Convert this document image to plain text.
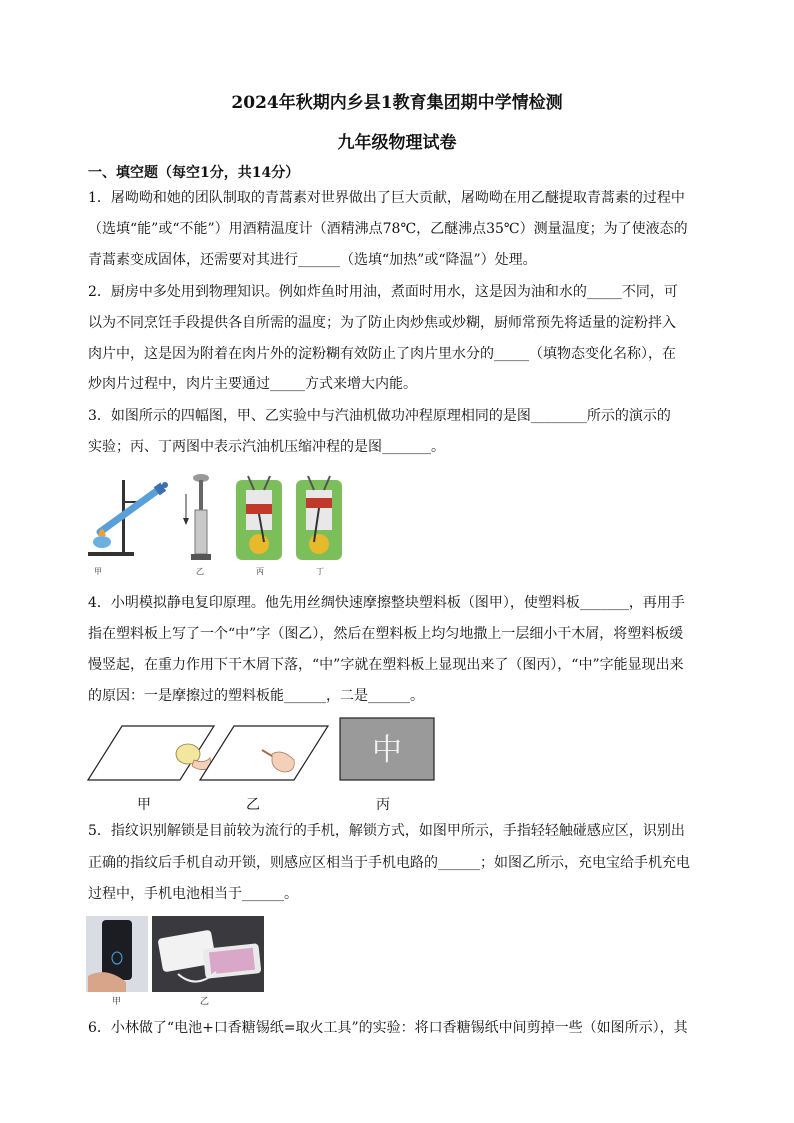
2024年秋期内乡县1教育集团期中学情检测
九年级物理试卷
一、填空题（每空1分，共14分）
1．屠呦呦和她的团队制取的青蒿素对世界做出了巨大贡献，屠呦呦在用乙醚提取青蒿素的过程中
（选填“能”或“不能”）用酒精温度计（酒精沸点78℃，乙醚沸点35℃）测量温度；为了使液态的
青蒿素变成固体，还需要对其进行______（选填“加热”或“降温”）处理。
2．厨房中多处用到物理知识。例如炸鱼时用油，煮面时用水，这是因为油和水的_____不同，可
以为不同烹饪手段提供各自所需的温度；为了防止肉炒焦或炒糊，厨师常预先将适量的淀粉拌入
肉片中，这是因为附着在肉片外的淀粉糊有效防止了肉片里水分的_____（填物态变化名称），在
炒肉片过程中，肉片主要通过_____方式来增大内能。
3．如图所示的四幅图，甲、乙实验中与汽油机做功冲程原理相同的是图________所示的演示的
实验；丙、丁两图中表示汽油机压缩冲程的是图_______。
甲	乙	丙	丁
4．小明模拟静电复印原理。他先用丝绸快速摩擦整块塑料板（图甲），使塑料板_______，再用手
指在塑料板上写了一个“中”字（图乙），然后在塑料板上均匀地撒上一层细小干木屑，将塑料板缓
慢竖起，在重力作用下干木屑下落，“中”字就在塑料板上显现出来了（图丙），“中”字能显现出来
的原因：一是摩擦过的塑料板能______，二是______。
中
甲	乙	丙
5．指纹识别解锁是目前较为流行的手机，解锁方式，如图甲所示，手指轻轻触碰感应区，识别出
正确的指纹后手机自动开锁，则感应区相当于手机电路的______；如图乙所示，充电宝给手机充电
过程中，手机电池相当于______。
甲	乙
6．小林做了“电池+口香糖锡纸=取火工具”的实验：将口香糖锡纸中间剪掉一些（如图所示），其
